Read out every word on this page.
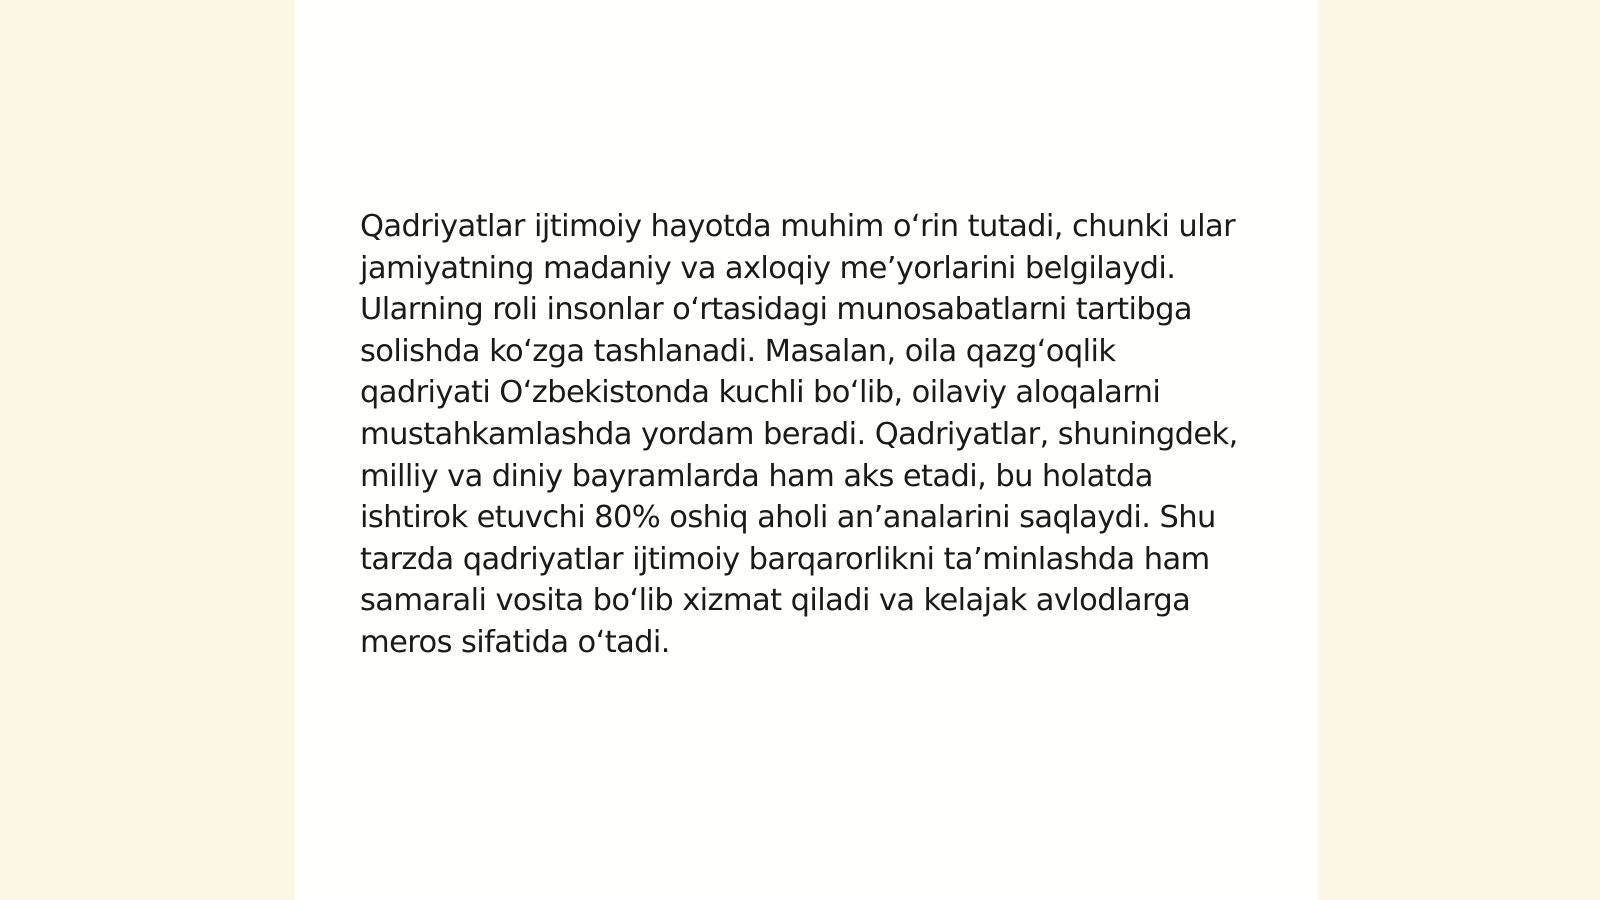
Qadriyatlar ijtimoiy hayotda muhim o‘rin tutadi, chunki ular jamiyatning madaniy va axloqiy me’yorlarini belgilaydi. Ularning roli insonlar o‘rtasidagi munosabatlarni tartibga solishda ko‘zga tashlanadi. Masalan, oila qazg‘oqlik qadriyati O‘zbekistonda kuchli bo‘lib, oilaviy aloqalarni mustahkamlashda yordam beradi. Qadriyatlar, shuningdek, milliy va diniy bayramlarda ham aks etadi, bu holatda ishtirok etuvchi 80% oshiq aholi an’analarini saqlaydi. Shu tarzda qadriyatlar ijtimoiy barqarorlikni ta’minlashda ham samarali vosita bo‘lib xizmat qiladi va kelajak avlodlarga meros sifatida o‘tadi.
